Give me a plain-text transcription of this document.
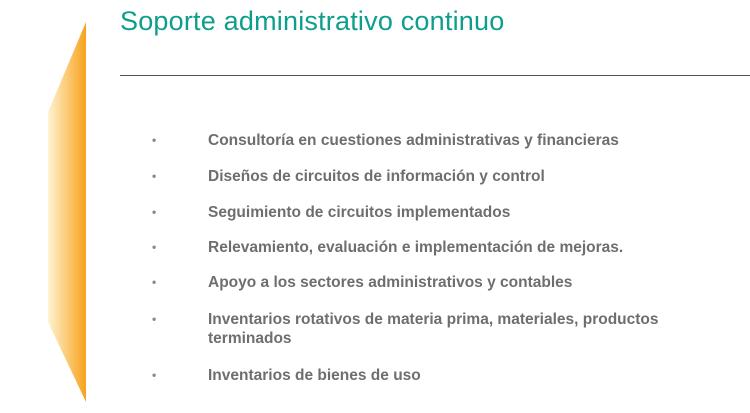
Soporte administrativo continuo
•	Consultoría en cuestiones administrativas y financieras
•	Diseños de circuitos de información y control
•	Seguimiento de circuitos implementados
•	Relevamiento, evaluación e implementación de mejoras.
•	Apoyo a los sectores administrativos y contables
•	Inventarios rotativos de materia prima, materiales, productos terminados
•	Inventarios de bienes de uso
